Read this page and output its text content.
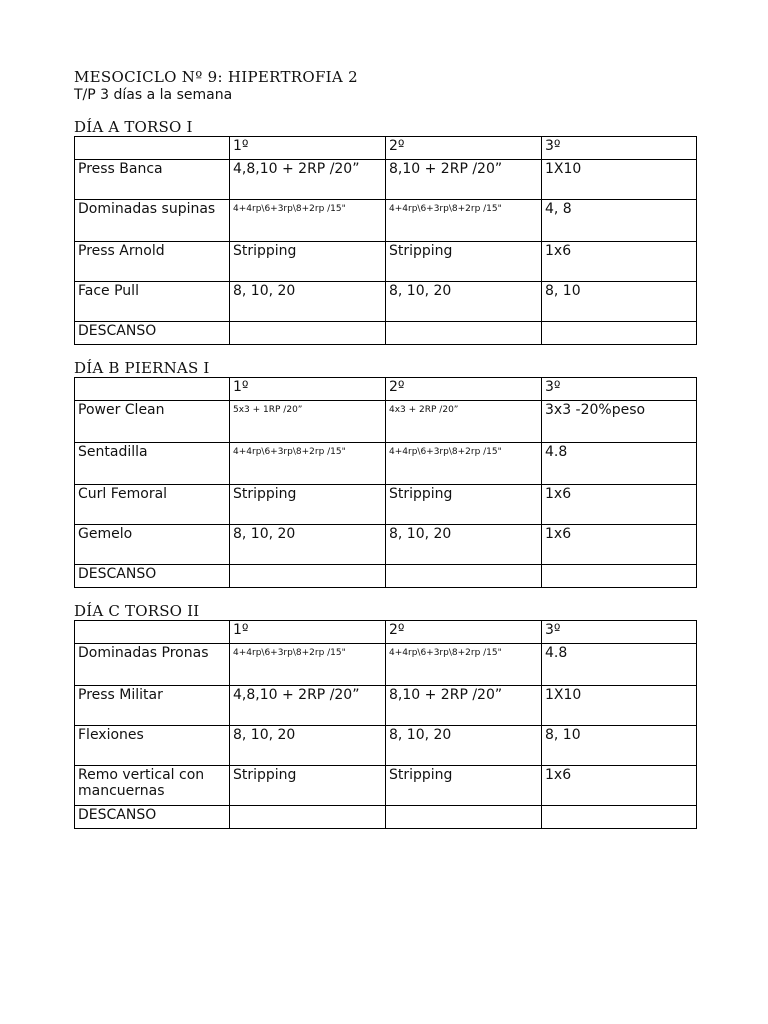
MESOCICLO Nº 9: HIPERTROFIA 2
T/P 3 días a la semana
DÍA A TORSO I
	1º	2º	3º
Press Banca	4,8,10 + 2RP /20”	8,10 + 2RP /20”	1X10
Dominadas supinas	4+4rp\6+3rp\8+2rp /15"	4+4rp\6+3rp\8+2rp /15"	4, 8
Press Arnold	Stripping	Stripping	1x6
Face Pull	8, 10, 20	8, 10, 20	8, 10
DESCANSO			
DÍA B PIERNAS I
	1º	2º	3º
Power Clean	5x3 + 1RP /20”	4x3 + 2RP /20”	3x3 -20%peso
Sentadilla	4+4rp\6+3rp\8+2rp /15"	4+4rp\6+3rp\8+2rp /15"	4.8
Curl Femoral	Stripping	Stripping	1x6
Gemelo	8, 10, 20	8, 10, 20	1x6
DESCANSO			
DÍA C TORSO II
	1º	2º	3º
Dominadas Pronas	4+4rp\6+3rp\8+2rp /15"	4+4rp\6+3rp\8+2rp /15"	4.8
Press Militar	4,8,10 + 2RP /20”	8,10 + 2RP /20”	1X10
Flexiones	8, 10, 20	8, 10, 20	8, 10
Remo vertical con mancuernas	Stripping	Stripping	1x6
DESCANSO			
